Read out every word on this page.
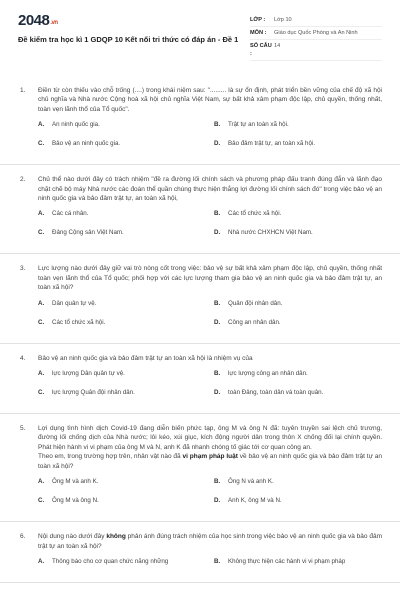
2048.vn
Đề kiểm tra học kì 1 GDQP 10 Kết nối tri thức có đáp án - Đề 1
LỚP :	Lớp 10
MÔN :	Giáo dục Quốc Phòng và An Ninh
SỐ CÂU :
14
1. Điền từ còn thiếu vào chỗ trống (....) trong khái niệm sau: "......... là sự ổn định, phát triển bền vững của chế độ xã hội chủ nghĩa và Nhà nước Cộng hoà xã hội chủ nghĩa Việt Nam, sự bất khả xâm phạm độc lập, chủ quyền, thống nhất, toàn vẹn lãnh thổ của Tổ quốc".
A.	An ninh quốc gia.	B.	Trật tự an toàn xã hội.
C.	Bảo vệ an ninh quốc gia.	D.	Bảo đảm trật tự, an toàn xã hội.
2. Chủ thể nào dưới đây có trách nhiệm "đề ra đường lối chính sách và phương pháp đấu tranh đúng đắn và lãnh đạo chặt chẽ bộ máy Nhà nước các đoàn thể quần chúng thực hiện thắng lợi đường lối chính sách đó" trong việc bảo vệ an ninh quốc gia và bảo đảm trật tự, an toàn xã hội,
A.	Các cá nhân.	B.	Các tổ chức xã hội.
C.	Đảng Cộng sản Việt Nam.	D.	Nhà nước CHXHCN Việt Nam.
3. Lực lượng nào dưới đây giữ vai trò nòng cốt trong việc: bảo vệ sự bất khả xâm phạm độc lập, chủ quyền, thống nhất toàn vẹn lãnh thổ của Tổ quốc; phối hợp với các lực lượng tham gia bảo vệ an ninh quốc gia và bảo đảm trật tự, an toàn xã hội?
A.	Dân quân tự vệ.	B.	Quân đội nhân dân.
C.	Các tổ chức xã hội.	D.	Công an nhân dân.
4. Bảo vệ an ninh quốc gia và bảo đảm trật tự an toàn xã hội là nhiệm vụ của
A.	lực lượng Dân quân tự vệ.	B.	lực lượng công an nhân dân.
C.	lực lượng Quân đội nhân dân.	D.	toàn Đảng, toàn dân và toàn quân.
5. Lợi dụng tình hình dịch Covid-19 đang diễn biến phức tạp, ông M và ông N đã: tuyên truyền sai lệch chủ trương, đường lối chống dịch của Nhà nước; lôi kéo, xúi giục, kích động người dân trong thôn X chống đối lại chính quyền. Phát hiện hành vi vi phạm của ông M và N, anh K đã nhanh chóng tố giác tới cơ quan công an.
Theo em, trong trường hợp trên, nhân vật nào đã vi phạm pháp luật về bảo vệ an ninh quốc gia và bảo đảm trật tự an toàn xã hội?
A.	Ông M và anh K.	B.	Ông N và anh K.
C.	Ông M và ông N.	D.	Anh K, ông M và N.
6. Nội dung nào dưới đây không phản ánh đúng trách nhiệm của học sinh trong việc bảo vệ an ninh quốc gia và bảo đảm trật tự an toàn xã hội?
A.	Thông báo cho cơ quan chức năng những	B.	Không thực hiện các hành vi vi phạm pháp
